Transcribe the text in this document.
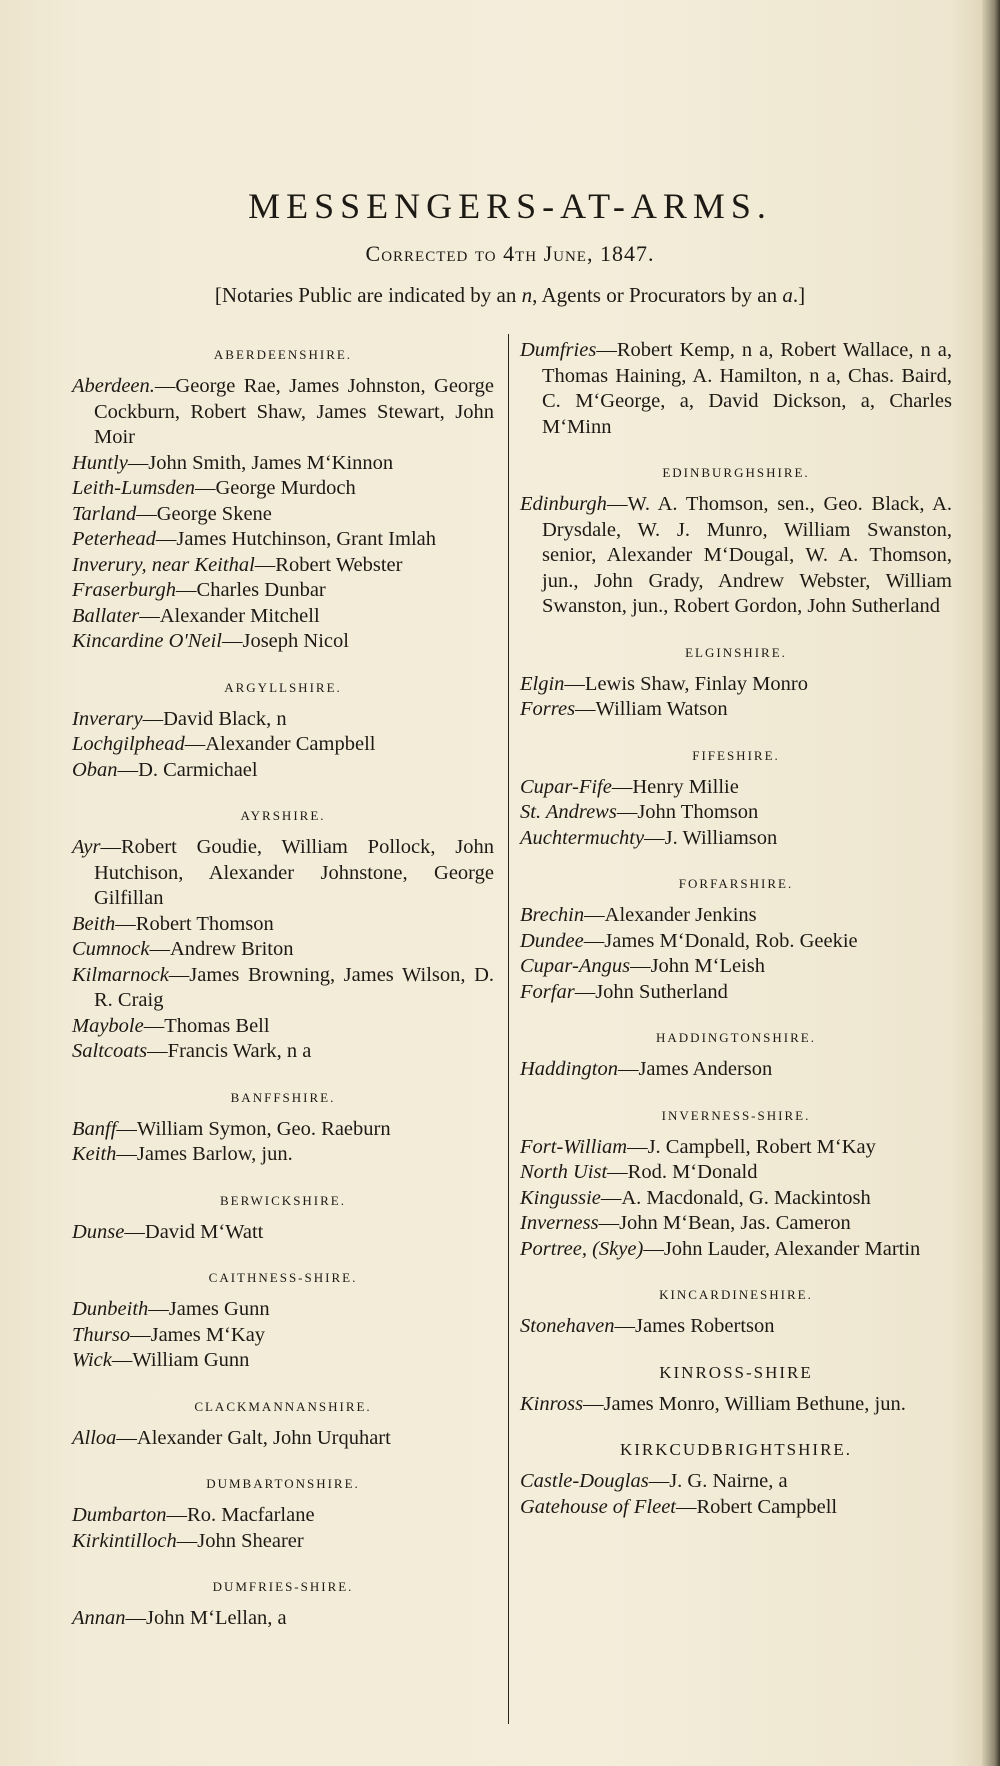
MESSENGERS-AT-ARMS.
Corrected to 4th June, 1847.
[Notaries Public are indicated by an n, Agents or Procurators by an a.]
ABERDEENSHIRE.
Aberdeen.—George Rae, James Johnston, George Cockburn, Robert Shaw, James Stewart, John Moir
Huntly—John Smith, James M‘Kinnon
Leith-Lumsden—George Murdoch
Tarland—George Skene
Peterhead—James Hutchinson, Grant Imlah
Inverury, near Keithal—Robert Webster
Fraserburgh—Charles Dunbar
Ballater—Alexander Mitchell
Kincardine O'Neil—Joseph Nicol
ARGYLLSHIRE.
Inverary—David Black, n
Lochgilphead—Alexander Campbell
Oban—D. Carmichael
AYRSHIRE.
Ayr—Robert Goudie, William Pollock, John Hutchison, Alexander Johnstone, George Gilfillan
Beith—Robert Thomson
Cumnock—Andrew Briton
Kilmarnock—James Browning, James Wilson, D. R. Craig
Maybole—Thomas Bell
Saltcoats—Francis Wark, n a
BANFFSHIRE.
Banff—William Symon, Geo. Raeburn
Keith—James Barlow, jun.
BERWICKSHIRE.
Dunse—David M‘Watt
CAITHNESS-SHIRE.
Dunbeith—James Gunn
Thurso—James M‘Kay
Wick—William Gunn
CLACKMANNANSHIRE.
Alloa—Alexander Galt, John Urquhart
DUMBARTONSHIRE.
Dumbarton—Ro. Macfarlane
Kirkintilloch—John Shearer
DUMFRIES-SHIRE.
Annan—John M‘Lellan, a
Dumfries—Robert Kemp, n a, Robert Wallace, n a, Thomas Haining, A. Hamilton, n a, Chas. Baird, C. M‘George, a, David Dickson, a, Charles M‘Minn
EDINBURGHSHIRE.
Edinburgh—W. A. Thomson, sen., Geo. Black, A. Drysdale, W. J. Munro, William Swanston, senior, Alexander M‘Dougal, W. A. Thomson, jun., John Grady, Andrew Webster, William Swanston, jun., Robert Gordon, John Sutherland
ELGINSHIRE.
Elgin—Lewis Shaw, Finlay Monro
Forres—William Watson
FIFESHIRE.
Cupar-Fife—Henry Millie
St. Andrews—John Thomson
Auchtermuchty—J. Williamson
FORFARSHIRE.
Brechin—Alexander Jenkins
Dundee—James M‘Donald, Rob. Geekie
Cupar-Angus—John M‘Leish
Forfar—John Sutherland
HADDINGTONSHIRE.
Haddington—James Anderson
INVERNESS-SHIRE.
Fort-William—J. Campbell, Robert M‘Kay
North Uist—Rod. M‘Donald
Kingussie—A. Macdonald, G. Mackintosh
Inverness—John M‘Bean, Jas. Cameron
Portree, (Skye)—John Lauder, Alexander Martin
KINCARDINESHIRE.
Stonehaven—James Robertson
KINROSS-SHIRE
Kinross—James Monro, William Bethune, jun.
KIRKCUDBRIGHTSHIRE.
Castle-Douglas—J. G. Nairne, a
Gatehouse of Fleet—Robert Campbell
